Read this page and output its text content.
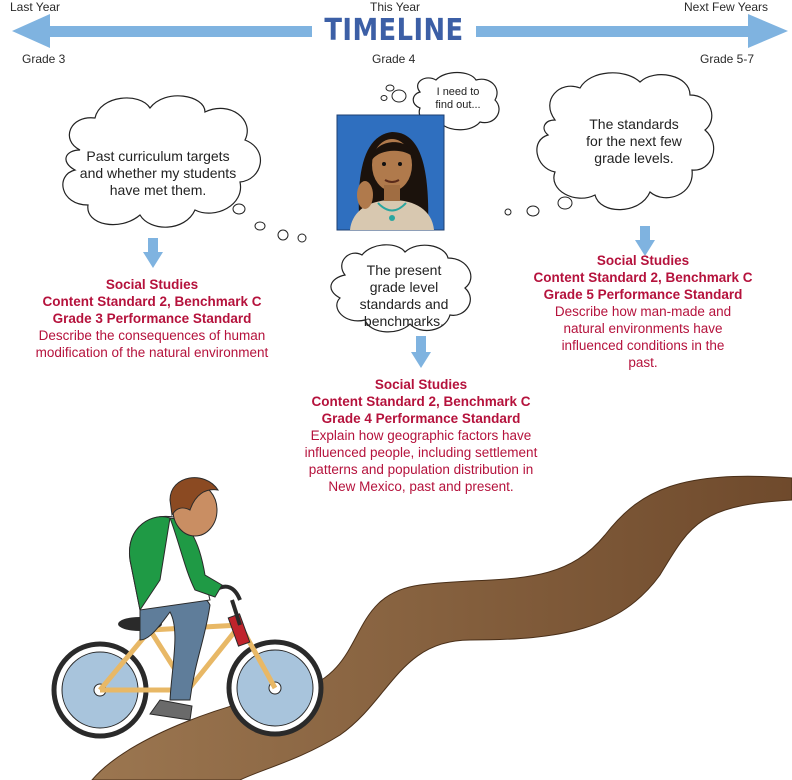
Last Year	This Year	Next Few Years
TIMELINE
Grade 3	Grade 4	Grade 5-7
I need to find out...
Past curriculum targets and whether my students have met them.
The standards for the next few grade levels.
The present grade level standards and benchmarks.
Social Studies
Content Standard 2, Benchmark C
Grade 3 Performance Standard
Describe the consequences of human modification of the natural environment
Social Studies
Content Standard 2, Benchmark C
Grade 5 Performance Standard
Describe how man-made and natural environments have influenced conditions in the past.
Social Studies
Content Standard 2, Benchmark C
Grade 4 Performance Standard
Explain how geographic factors have influenced people, including settlement patterns and population distribution in New Mexico, past and present.
